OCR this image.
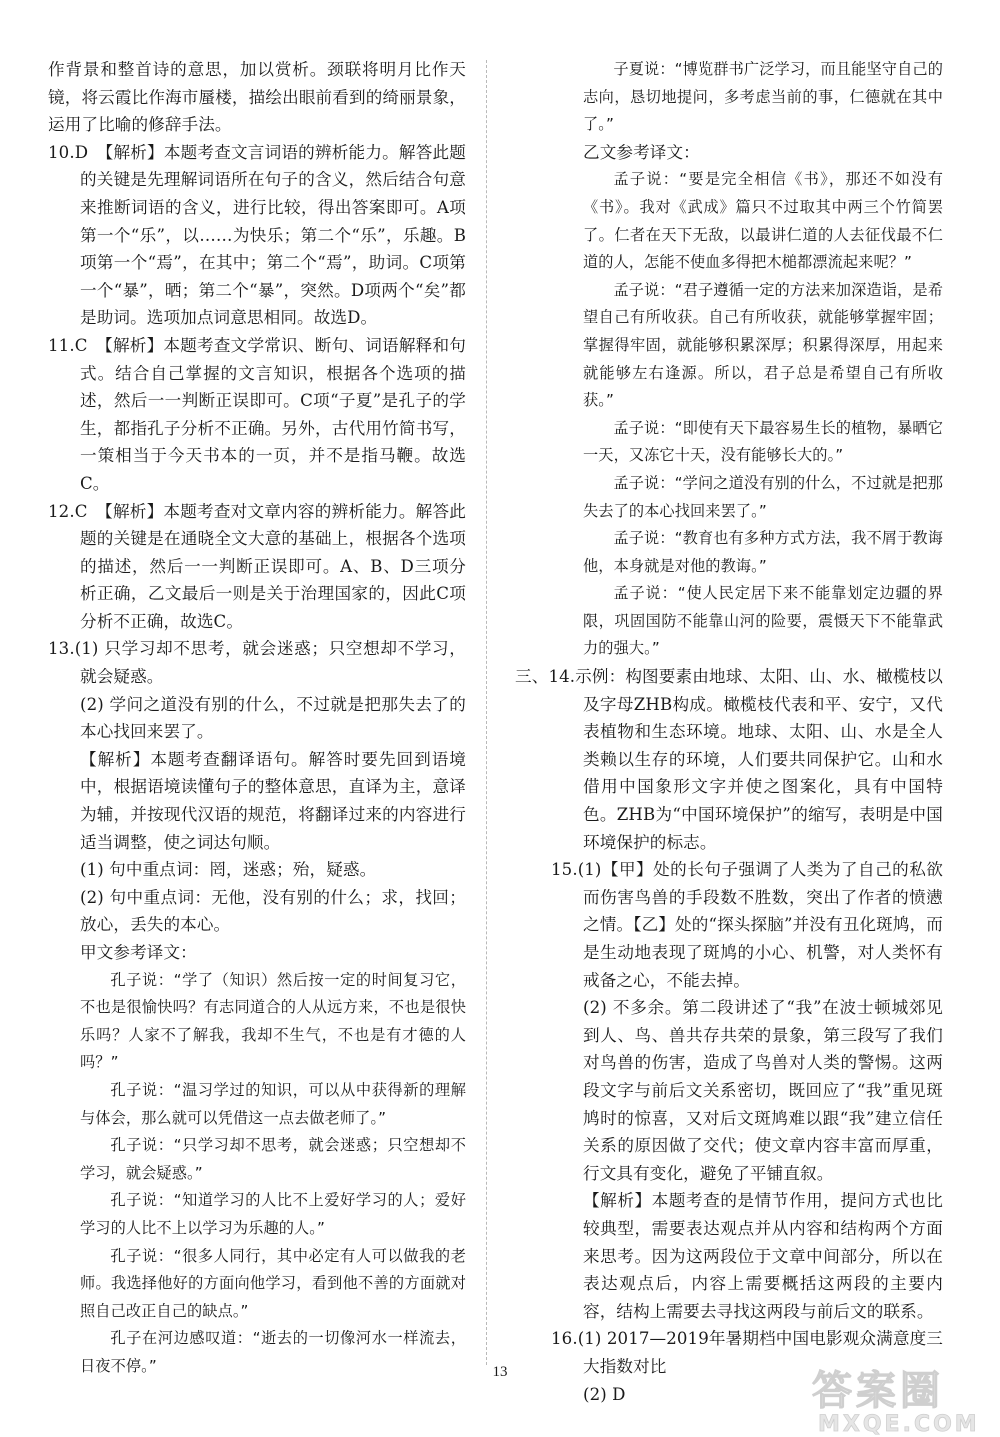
作背景和整首诗的意思，加以赏析。颈联将明月比作天镜，将云霞比作海市蜃楼，描绘出眼前看到的绮丽景象，运用了比喻的修辞手法。

10.D　【解析】本题考查文言词语的辨析能力。解答此题的关键是先理解词语所在句子的含义，然后结合句意来推断词语的含义，进行比较，得出答案即可。A项第一个“乐”，以……为快乐；第二个“乐”，乐趣。B项第一个“焉”，在其中；第二个“焉”，助词。C项第一个“暴”，晒；第二个“暴”，突然。D项两个“矣”都是助词。选项加点词意思相同。故选D。

11.C　【解析】本题考查文学常识、断句、词语解释和句式。结合自己掌握的文言知识，根据各个选项的描述，然后一一判断正误即可。C项“子夏”是孔子的学生，都指孔子分析不正确。另外，古代用竹简书写，一策相当于今天书本的一页，并不是指马鞭。故选C。

12.C　【解析】本题考查对文章内容的辨析能力。解答此题的关键是在通晓全文大意的基础上，根据各个选项的描述，然后一一判断正误即可。A、B、D三项分析正确，乙文最后一则是关于治理国家的，因此C项分析不正确，故选C。

13.(1) 只学习却不思考，就会迷惑；只空想却不学习，就会疑惑。

(2) 学问之道没有别的什么，不过就是把那失去了的本心找回来罢了。

【解析】本题考查翻译语句。解答时要先回到语境中，根据语境读懂句子的整体意思，直译为主，意译为辅，并按现代汉语的规范，将翻译过来的内容进行适当调整，使之词达句顺。

(1) 句中重点词：罔，迷惑；殆，疑惑。

(2) 句中重点词：无他，没有别的什么；求，找回；放心，丢失的本心。

甲文参考译文：

孔子说：“学了（知识）然后按一定的时间复习它，不也是很愉快吗？有志同道合的人从远方来，不也是很快乐吗？人家不了解我，我却不生气，不也是有才德的人吗？”

孔子说：“温习学过的知识，可以从中获得新的理解与体会，那么就可以凭借这一点去做老师了。”

孔子说：“只学习却不思考，就会迷惑；只空想却不学习，就会疑惑。”

孔子说：“知道学习的人比不上爱好学习的人；爱好学习的人比不上以学习为乐趣的人。”

孔子说：“很多人同行，其中必定有人可以做我的老师。我选择他好的方面向他学习，看到他不善的方面就对照自己改正自己的缺点。”

孔子在河边感叹道：“逝去的一切像河水一样流去，日夜不停。”

子夏说：“博览群书广泛学习，而且能坚守自己的志向，恳切地提问，多考虑当前的事，仁德就在其中了。”

乙文参考译文：

孟子说：“要是完全相信《书》，那还不如没有《书》。我对《武成》篇只不过取其中两三个竹简罢了。仁者在天下无敌，以最讲仁道的人去征伐最不仁道的人，怎能不使血多得把木槌都漂流起来呢？”

孟子说：“君子遵循一定的方法来加深造诣，是希望自己有所收获。自己有所收获，就能够掌握牢固；掌握得牢固，就能够积累深厚；积累得深厚，用起来就能够左右逢源。所以，君子总是希望自己有所收获。”

孟子说：“即使有天下最容易生长的植物，暴晒它一天，又冻它十天，没有能够长大的。”

孟子说：“学问之道没有别的什么，不过就是把那失去了的本心找回来罢了。”

孟子说：“教育也有多种方式方法，我不屑于教诲他，本身就是对他的教诲。”

孟子说：“使人民定居下来不能靠划定边疆的界限，巩固国防不能靠山河的险要，震慑天下不能靠武力的强大。”

三、14.示例：构图要素由地球、太阳、山、水、橄榄枝以及字母ZHB构成。橄榄枝代表和平、安宁，又代表植物和生态环境。地球、太阳、山、水是全人类赖以生存的环境，人们要共同保护它。山和水借用中国象形文字并使之图案化，具有中国特色。ZHB为“中国环境保护”的缩写，表明是中国环境保护的标志。

15.(1)【甲】处的长句子强调了人类为了自己的私欲而伤害鸟兽的手段数不胜数，突出了作者的愤懑之情。【乙】处的“探头探脑”并没有丑化斑鸠，而是生动地表现了斑鸠的小心、机警，对人类怀有戒备之心，不能去掉。

(2) 不多余。第二段讲述了“我”在波士顿城郊见到人、鸟、兽共存共荣的景象，第三段写了我们对鸟兽的伤害，造成了鸟兽对人类的警惕。这两段文字与前后文关系密切，既回应了“我”重见斑鸠时的惊喜，又对后文斑鸠难以跟“我”建立信任关系的原因做了交代；使文章内容丰富而厚重，行文具有变化，避免了平铺直叙。

【解析】本题考查的是情节作用，提问方式也比较典型，需要表达观点并从内容和结构两个方面来思考。因为这两段位于文章中间部分，所以在表达观点后，内容上需要概括这两段的主要内容，结构上需要去寻找这两段与前后文的联系。

16.(1) 2017—2019年暑期档中国电影观众满意度三大指数对比

(2) D

13	答案圈
MXQE.COM
